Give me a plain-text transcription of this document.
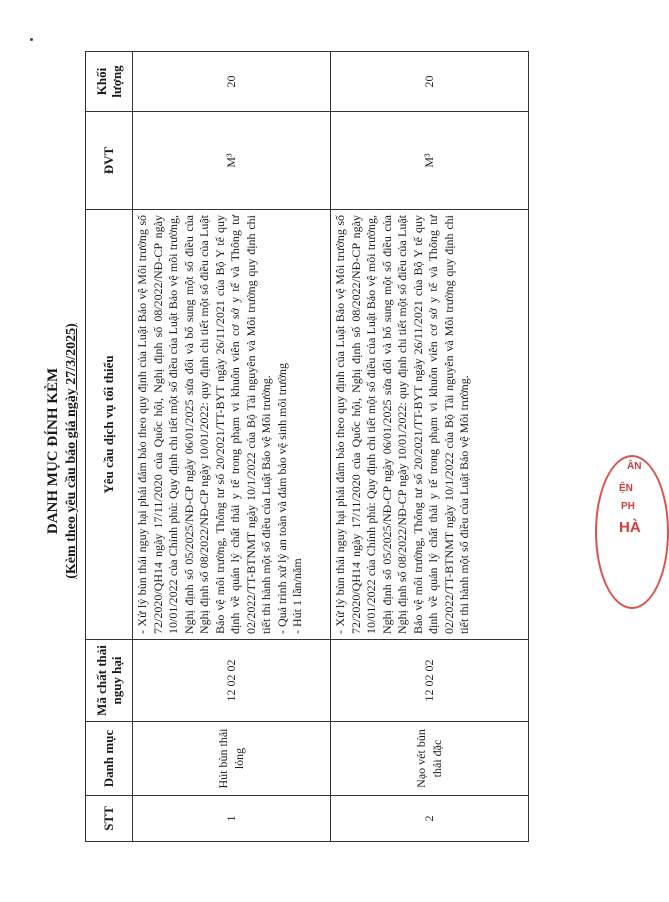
DANH MỤC ĐÍNH KÈM (Kèm theo yêu cầu báo giá ngày 27/3/2025)
STT	Danh mục	Mã chất thải nguy hại	Yêu cầu dịch vụ tối thiểu	ĐVT	Khối lượng
1	Hút bùn thải lỏng	12 02 02	- Xử lý bùn thải nguy hại phải đảm bảo theo quy định của Luật Bảo vệ Môi trường số 72/2020/QH14 ngày 17/11/2020 của Quốc hội, Nghị định số 08/2022/NĐ-CP ngày 10/01/2022 của Chính phủ: Quy định chi tiết một số điều của Luật Bảo vệ môi trường, Nghị định số 05/2025/NĐ-CP ngày 06/01/2025 sửa đổi và bổ sung một số điều của Nghị định số 08/2022/NĐ-CP ngày 10/01/2022: quy định chi tiết một số điều của Luật Bảo vệ môi trường, Thông tư số 20/2021/TT-BYT ngày 26/11/2021 của Bộ Y tế quy định về quản lý chất thải y tế trong phạm vi khuôn viên cơ sở y tế và Thông tư 02/2022/TT-BTNMT ngày 10/1/2022 của Bộ Tài nguyên và Môi trường quy định chi tiết thi hành một số điều của Luật Bảo vệ Môi trường. - Quá trình xử lý an toàn và đảm bảo vệ sinh môi trường - Hút 1 lần/năm	M³	20
2	Nạo vét bùn thải đặc	12 02 02	- Xử lý bùn thải nguy hại phải đảm bảo theo quy định của Luật Bảo vệ Môi trường số 72/2020/QH14 ngày 17/11/2020 của Quốc hội, Nghị định số 08/2022/NĐ-CP ngày 10/01/2022 của Chính phủ: Quy định chi tiết một số điều của Luật Bảo vệ môi trường, Nghị định số 05/2025/NĐ-CP ngày 06/01/2025 sửa đổi và bổ sung một số điều của Nghị định số 08/2022/NĐ-CP ngày 10/01/2022: quy định chi tiết một số điều của Luật Bảo vệ môi trường, Thông tư số 20/2021/TT-BYT ngày 26/11/2021 của Bộ Y tế quy định về quản lý chất thải y tế trong phạm vi khuôn viên cơ sở y tế và Thông tư 02/2022/TT-BTNMT ngày 10/1/2022 của Bộ Tài nguyên và Môi trường quy định chi tiết thi hành một số điều của Luật Bảo vệ Môi trường.	M³	20
ÂN
ỆN
PH
HÀ
